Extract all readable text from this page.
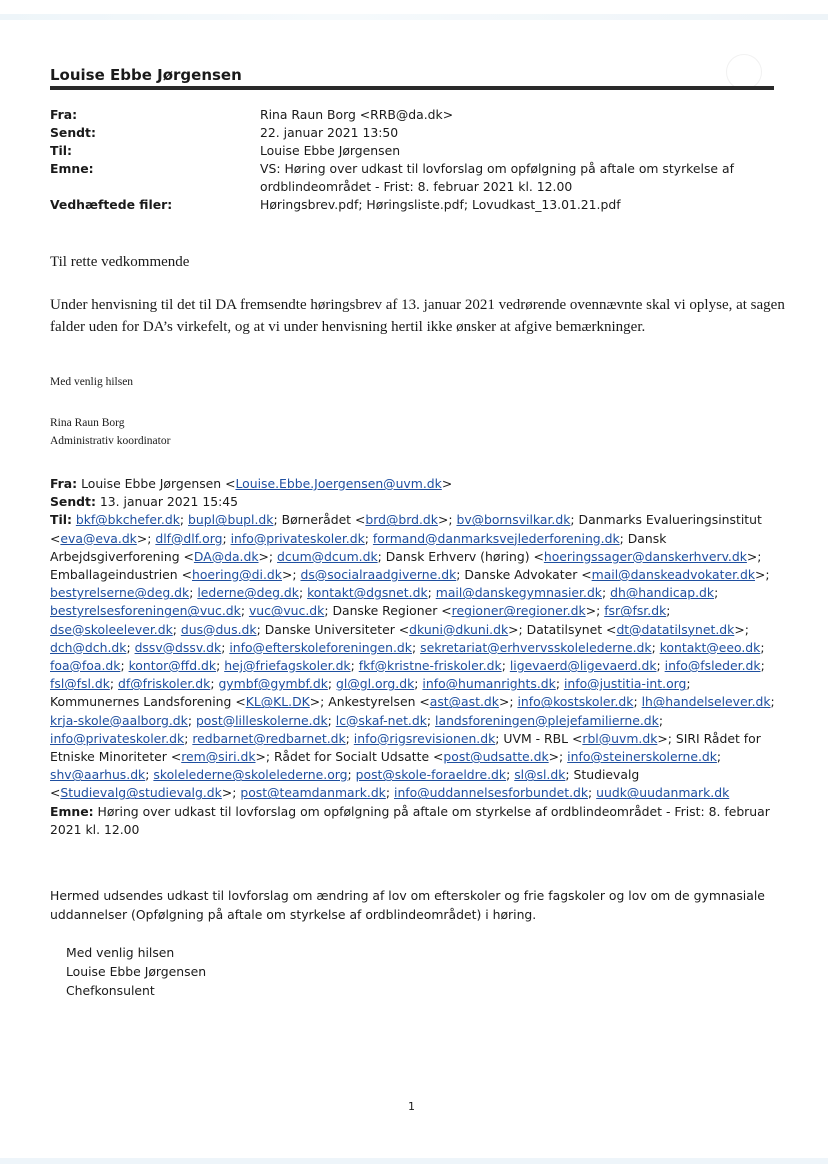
Louise Ebbe Jørgensen
Fra:	Rina Raun Borg <RRB@da.dk>
Sendt:	22. januar 2021 13:50
Til:	Louise Ebbe Jørgensen
Emne:	VS: Høring over udkast til lovforslag om opfølgning på aftale om styrkelse af ordblindeområdet - Frist: 8. februar 2021 kl. 12.00
Vedhæftede filer:	Høringsbrev.pdf; Høringsliste.pdf; Lovudkast_13.01.21.pdf
Til rette vedkommende
Under henvisning til det til DA fremsendte høringsbrev af 13. januar 2021 vedrørende ovennævnte skal vi oplyse, at sagen falder uden for DA’s virkefelt, og at vi under henvisning hertil ikke ønsker at afgive bemærkninger.
Med venlig hilsen
Rina Raun Borg
Administrativ koordinator
Fra: Louise Ebbe Jørgensen <Louise.Ebbe.Joergensen@uvm.dk>
Sendt: 13. januar 2021 15:45
Til: bkf@bkchefer.dk; bupl@bupl.dk; Børnerådet <brd@brd.dk>; bv@bornsvilkar.dk; Danmarks Evalueringsinstitut <eva@eva.dk>; dlf@dlf.org; info@privateskoler.dk; formand@danmarksvejlederforening.dk; Dansk Arbejdsgiverforening <DA@da.dk>; dcum@dcum.dk; Dansk Erhverv (høring) <hoeringssager@danskerhverv.dk>; Emballageindustrien <hoering@di.dk>; ds@socialraadgiverne.dk; Danske Advokater <mail@danskeadvokater.dk>; bestyrelserne@deg.dk; lederne@deg.dk; kontakt@dgsnet.dk; mail@danskegymnasier.dk; dh@handicap.dk; bestyrelsesforeningen@vuc.dk; vuc@vuc.dk; Danske Regioner <regioner@regioner.dk>; fsr@fsr.dk; dse@skoleelever.dk; dus@dus.dk; Danske Universiteter <dkuni@dkuni.dk>; Datatilsynet <dt@datatilsynet.dk>; dch@dch.dk; dssv@dssv.dk; info@efterskoleforeningen.dk; sekretariat@erhvervsskolelederne.dk; kontakt@eeo.dk; foa@foa.dk; kontor@ffd.dk; hej@friefagskoler.dk; fkf@kristne-friskoler.dk; ligevaerd@ligevaerd.dk; info@fsleder.dk; fsl@fsl.dk; df@friskoler.dk; gymbf@gymbf.dk; gl@gl.org.dk; info@humanrights.dk; info@justitia-int.org; Kommunernes Landsforening <KL@KL.DK>; Ankestyrelsen <ast@ast.dk>; info@kostskoler.dk; lh@handelselever.dk; krja-skole@aalborg.dk; post@lilleskolerne.dk; lc@skaf-net.dk; landsforeningen@plejefamilierne.dk; info@privateskoler.dk; redbarnet@redbarnet.dk; info@rigsrevisionen.dk; UVM - RBL <rbl@uvm.dk>; SIRI Rådet for Etniske Minoriteter <rem@siri.dk>; Rådet for Socialt Udsatte <post@udsatte.dk>; info@steinerskolerne.dk; shv@aarhus.dk; skolelederne@skolelederne.org; post@skole-foraeldre.dk; sl@sl.dk; Studievalg <Studievalg@studievalg.dk>; post@teamdanmark.dk; info@uddannelsesforbundet.dk; uudk@uudanmark.dk
Emne: Høring over udkast til lovforslag om opfølgning på aftale om styrkelse af ordblindeområdet - Frist: 8. februar 2021 kl. 12.00
Hermed udsendes udkast til lovforslag om ændring af lov om efterskoler og frie fagskoler og lov om de gymnasiale uddannelser (Opfølgning på aftale om styrkelse af ordblindeområdet) i høring.
Med venlig hilsen
Louise Ebbe Jørgensen
Chefkonsulent
1
